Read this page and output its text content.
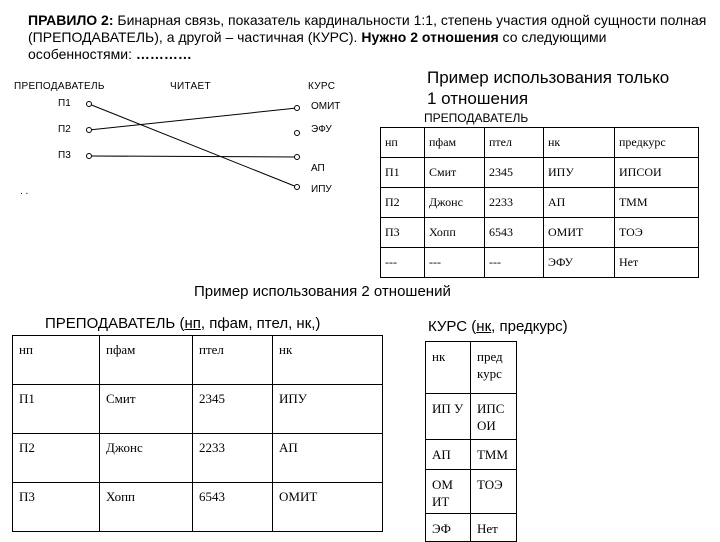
ПРАВИЛО 2: Бинарная связь, показатель кардинальности 1:1, степень участия одной сущности полная (ПРЕПОДАВАТЕЛЬ), а другой – частичная (КУРС). Нужно 2 отношения со следующими особенностями: …………
ПРЕПОДАВАТЕЛЬ	ЧИТАЕТ	КУРС
П1
П2
П3
ОМИТ
ЭФУ
АП
ИПУ
. .
Пример использования только
1 отношения
ПРЕПОДАВАТЕЛЬ
нп	пфам	птел	нк	предкурс
П1	Смит	2345	ИПУ	ИПСОИ
П2	Джонс	2233	АП	ТММ
П3	Хопп	6543	ОМИТ	ТОЭ
---	---	---	ЭФУ	Нет
Пример использования 2 отношений
ПРЕПОДАВАТЕЛЬ (нп, пфам, птел, нк,)
нп	пфам	птел	нк
П1	Смит	2345	ИПУ
П2	Джонс	2233	АП
П3	Хопп	6543	ОМИТ
КУРС (нк, предкурс)
нк	пред курс
ИП У	ИПС ОИ
АП	ТММ
ОМ ИТ	ТОЭ
ЭФ	Нет
